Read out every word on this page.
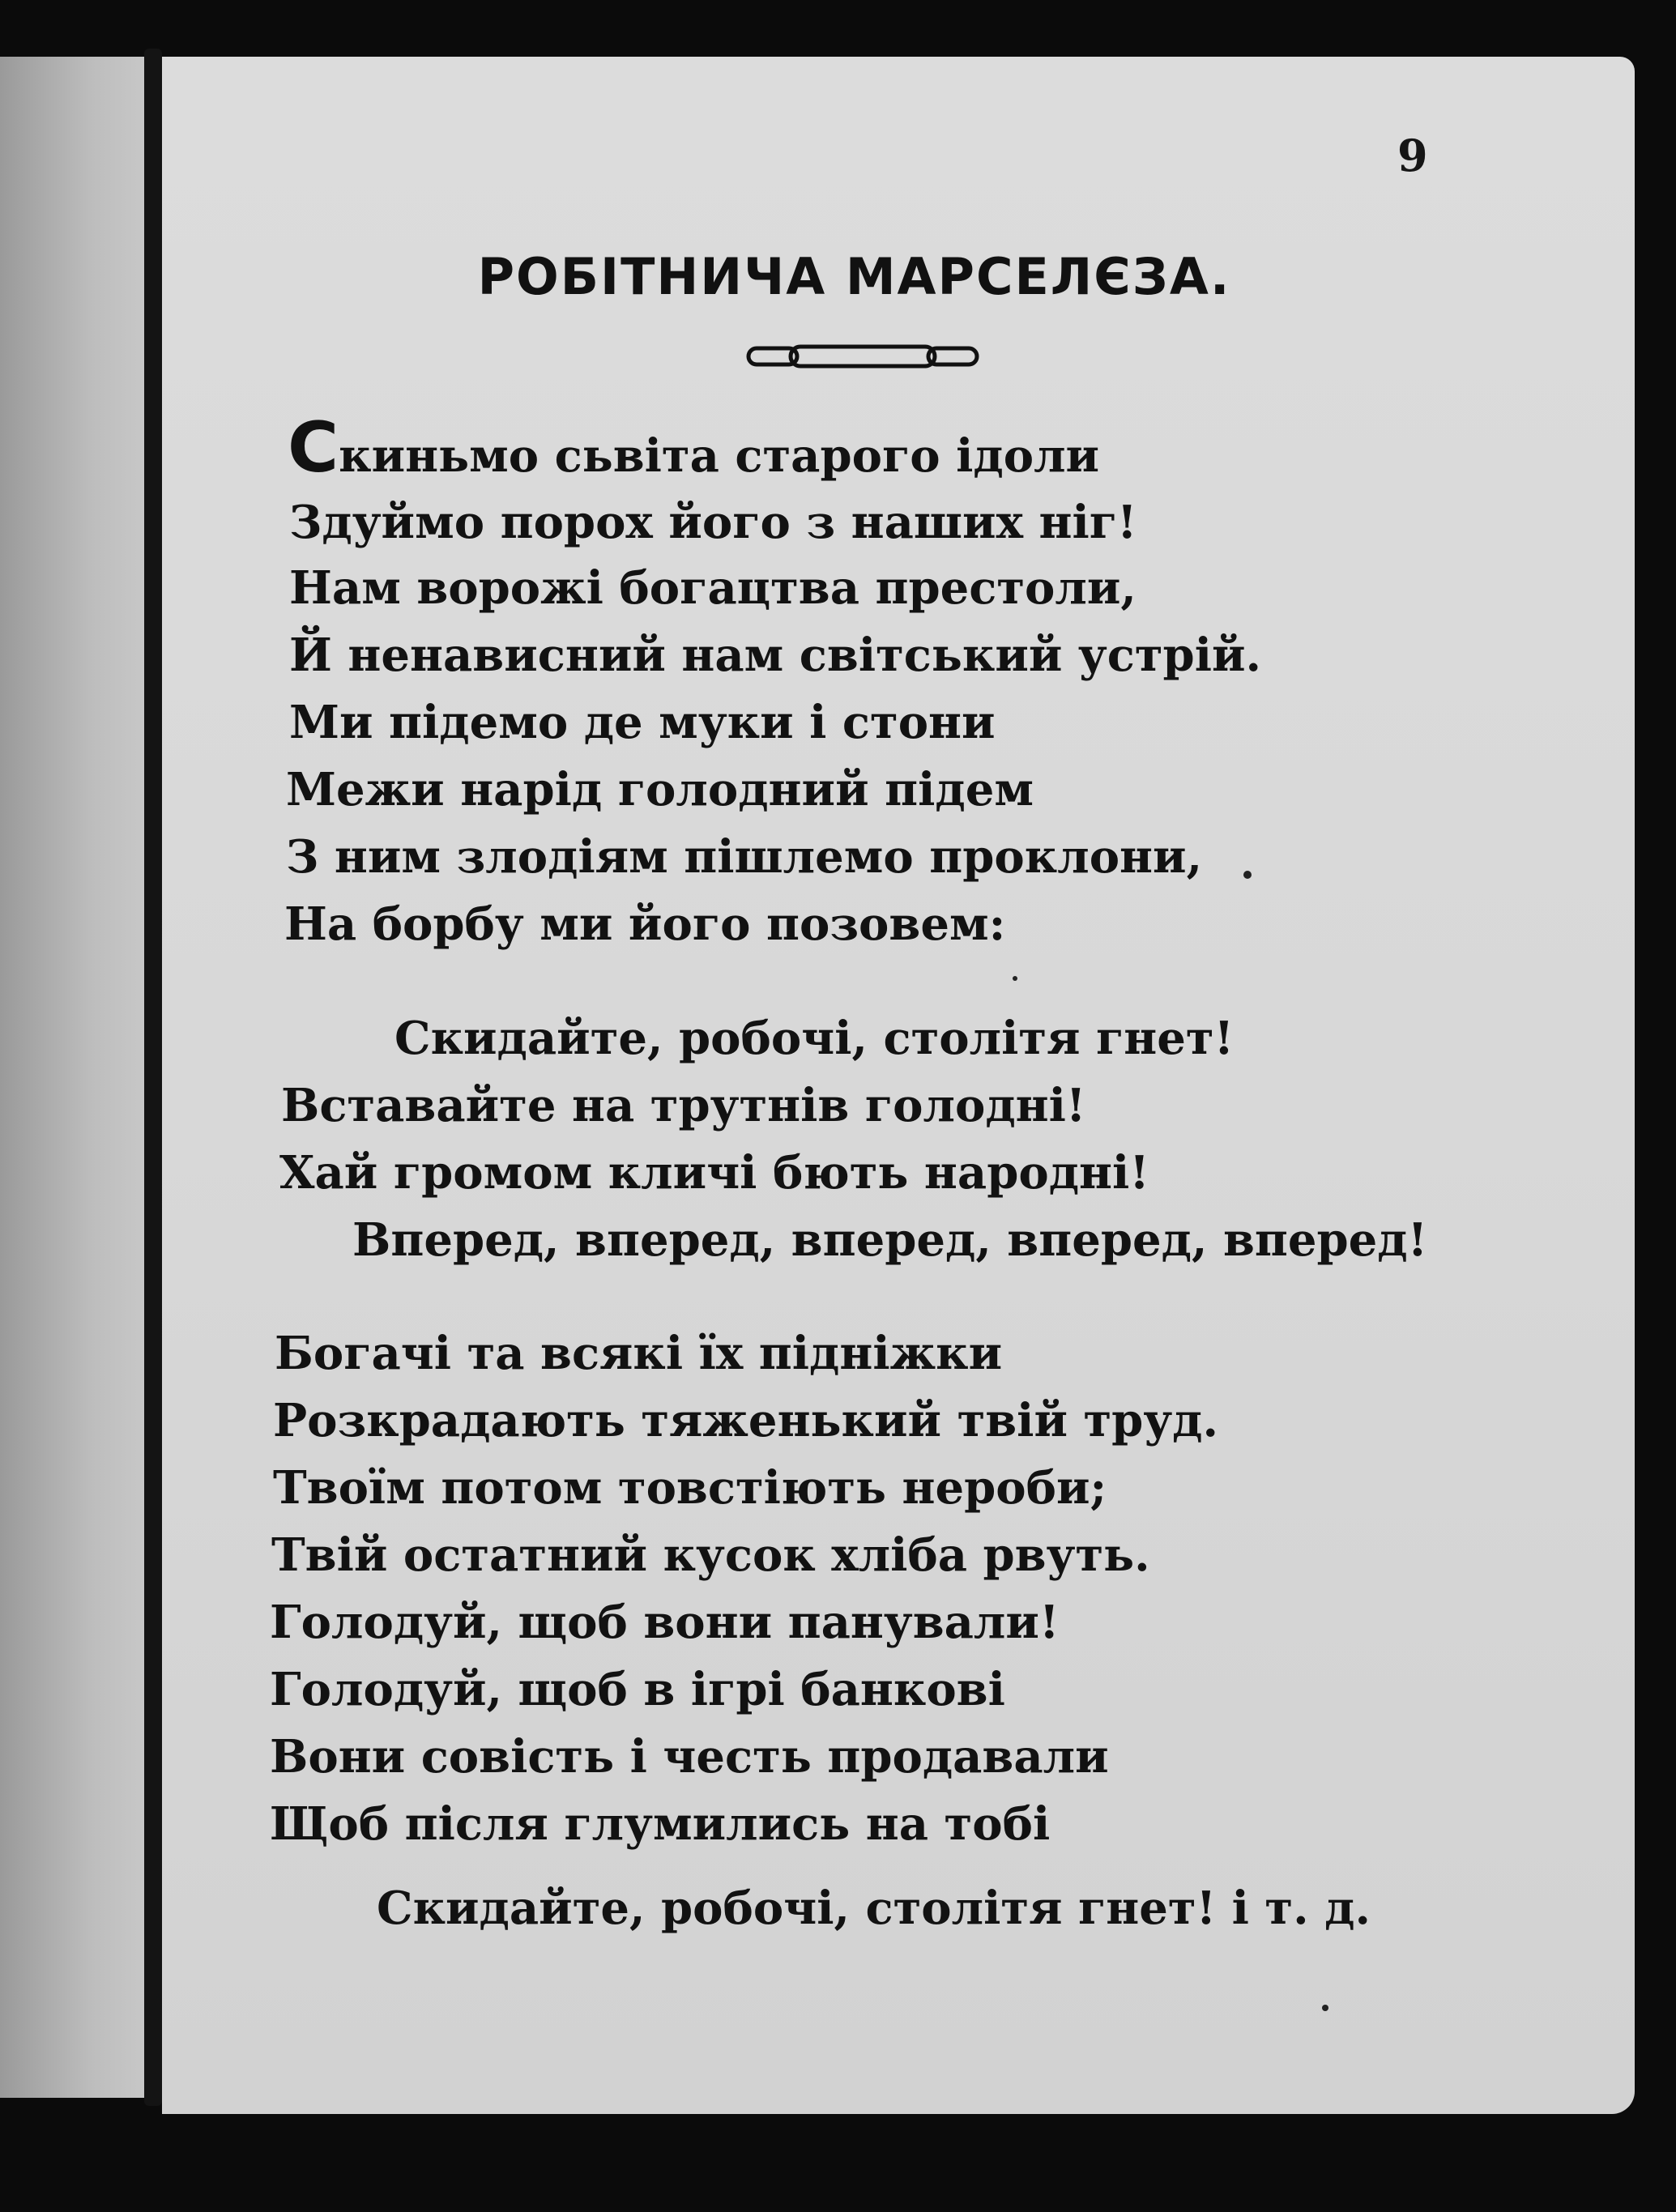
9
РОБІТНИЧА МАРСЕЛЄЗА.
Скиньмо сьвіта старого ідоли
Здуймо порох його з наших ніг!
Нам ворожі богацтва престоли,
Й ненависний нам світський устрій.
Ми підемо де муки і стони
Межи нарід голодний підем
З ним злодіям пішлемо проклони,
На борбу ми його позовем:
Скидайте, робочі, столітя гнет!
Вставайте на трутнів голодні!
Хай громом кличі бють народні!
Вперед, вперед, вперед, вперед, вперед!
Богачі та всякі їх підніжки
Розкрадають тяженький твій труд.
Твоїм потом товстіють нероби;
Твій остатний кусок хліба рвуть.
Голодуй, щоб вони панували!
Голодуй, щоб в ігрі банкові
Вони совість і честь продавали
Щоб після глумились на тобі
Скидайте, робочі, столітя гнет! і т. д.
